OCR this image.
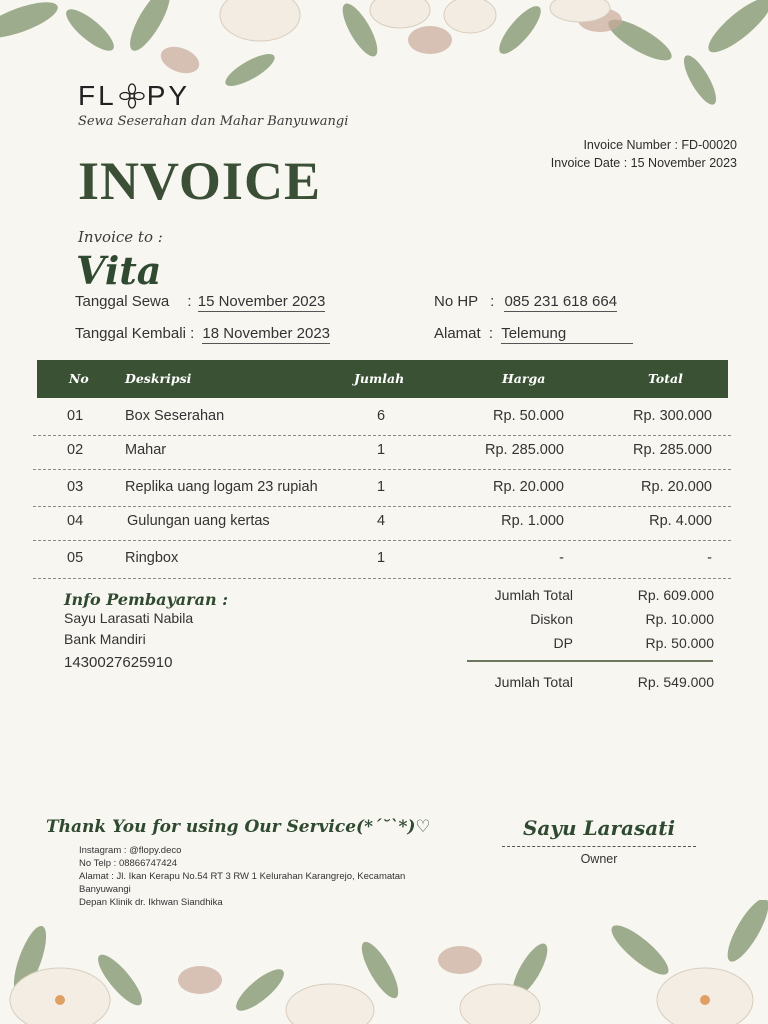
FL PY
Sewa Seserahan dan Mahar Banyuwangi
Invoice Number : FD-00020
Invoice Date : 15 November 2023
INVOICE
Invoice to :
Vita
Tanggal Sewa : 15 November 2023
Tanggal Kembali : 18 November 2023
No HP : 085 231 618 664
Alamat : Telemung
No	Deskripsi	Jumlah	Harga	Total
01	Box Seserahan	6	Rp. 50.000	Rp. 300.000
02	Mahar	1	Rp. 285.000	Rp. 285.000
03	Replika uang logam 23 rupiah	1	Rp. 20.000	Rp. 20.000
04	Gulungan uang kertas	4	Rp. 1.000	Rp. 4.000
05	Ringbox	1	-	-
Info Pembayaran :
Sayu Larasati Nabila
Bank Mandiri
1430027625910
Jumlah Total	Rp. 609.000
Diskon	Rp. 10.000
DP	Rp. 50.000
Jumlah Total	Rp. 549.000
Thank You for using Our Service(*´˘`*)♡
Instagram : @flopy.deco
No Telp : 08866747424
Alamat : Jl. Ikan Kerapu No.54 RT 3 RW 1 Kelurahan Karangrejo, Kecamatan Banyuwangi
Depan Klinik dr. Ikhwan Siandhika
Sayu Larasati
Owner
